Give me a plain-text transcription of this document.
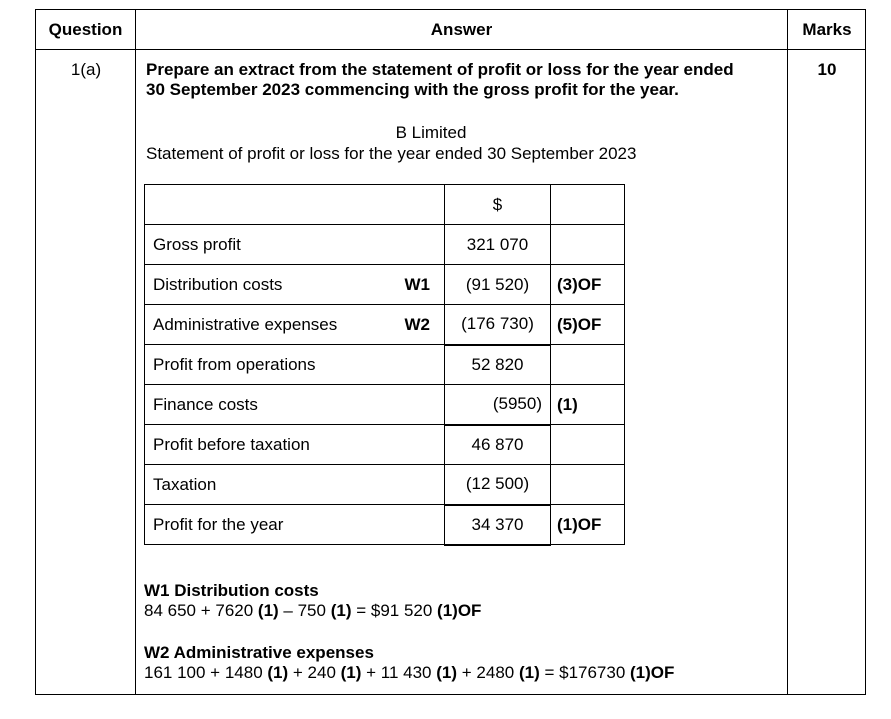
Question	Answer	Marks
1(a)	10
Prepare an extract from the statement of profit or loss for the year ended
30 September 2023 commencing with the gross profit for the year.
B Limited
Statement of profit or loss for the year ended 30 September 2023
	$	
Gross profit	321 070	
Distribution costs W1	(91 520)	(3)OF
Administrative expenses W2	(176 730)	(5)OF
Profit from operations	52 820	
Finance costs	(5950)	(1)
Profit before taxation	46 870	
Taxation	(12 500)	
Profit for the year	34 370	(1)OF
W1 Distribution costs
84 650 + 7620 (1) – 750 (1) = $91 520 (1)OF
W2 Administrative expenses
161 100 + 1480 (1) + 240 (1) + 11 430 (1) + 2480 (1) = $176730 (1)OF
